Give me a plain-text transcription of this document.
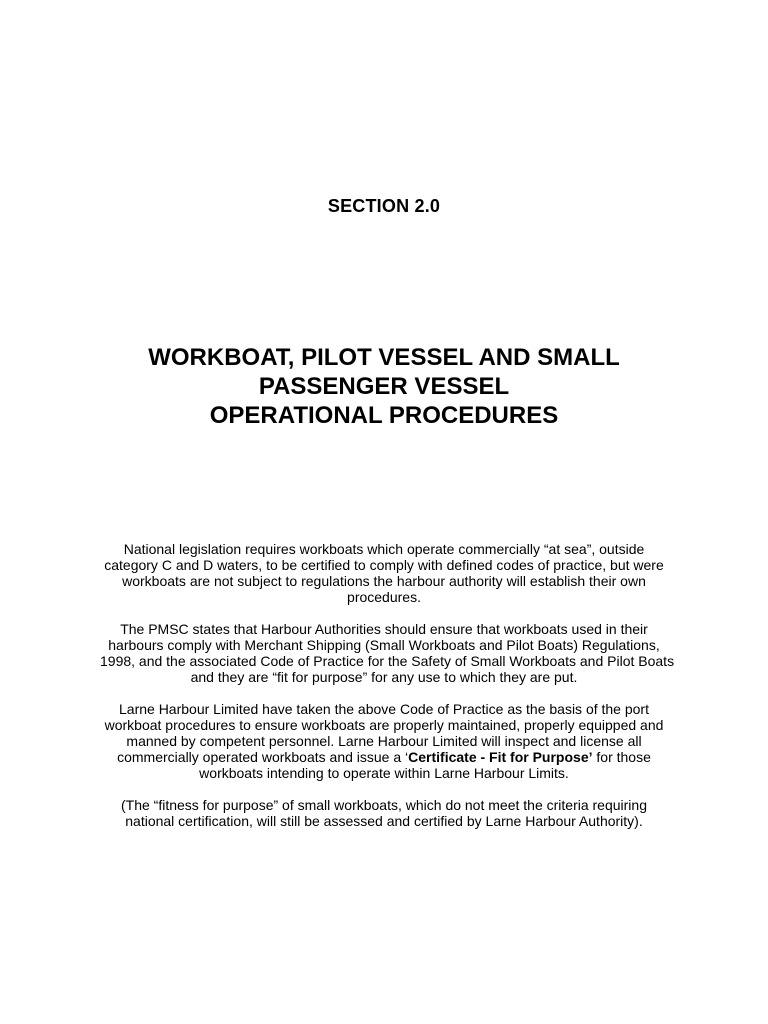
SECTION 2.0
WORKBOAT, PILOT VESSEL AND SMALL
PASSENGER VESSEL
OPERATIONAL PROCEDURES

National legislation requires workboats which operate commercially “at sea”, outside
category C and D waters, to be certified to comply with defined codes of practice, but were
workboats are not subject to regulations the harbour authority will establish their own
procedures.

The PMSC states that Harbour Authorities should ensure that workboats used in their
harbours comply with Merchant Shipping (Small Workboats and Pilot Boats) Regulations,
1998, and the associated Code of Practice for the Safety of Small Workboats and Pilot Boats
and they are “fit for purpose” for any use to which they are put.

Larne Harbour Limited have taken the above Code of Practice as the basis of the port
workboat procedures to ensure workboats are properly maintained, properly equipped and
manned by competent personnel. Larne Harbour Limited will inspect and license all
commercially operated workboats and issue a ‘Certificate - Fit for Purpose’ for those
workboats intending to operate within Larne Harbour Limits.

(The “fitness for purpose” of small workboats, which do not meet the criteria requiring
national certification, will still be assessed and certified by Larne Harbour Authority).
